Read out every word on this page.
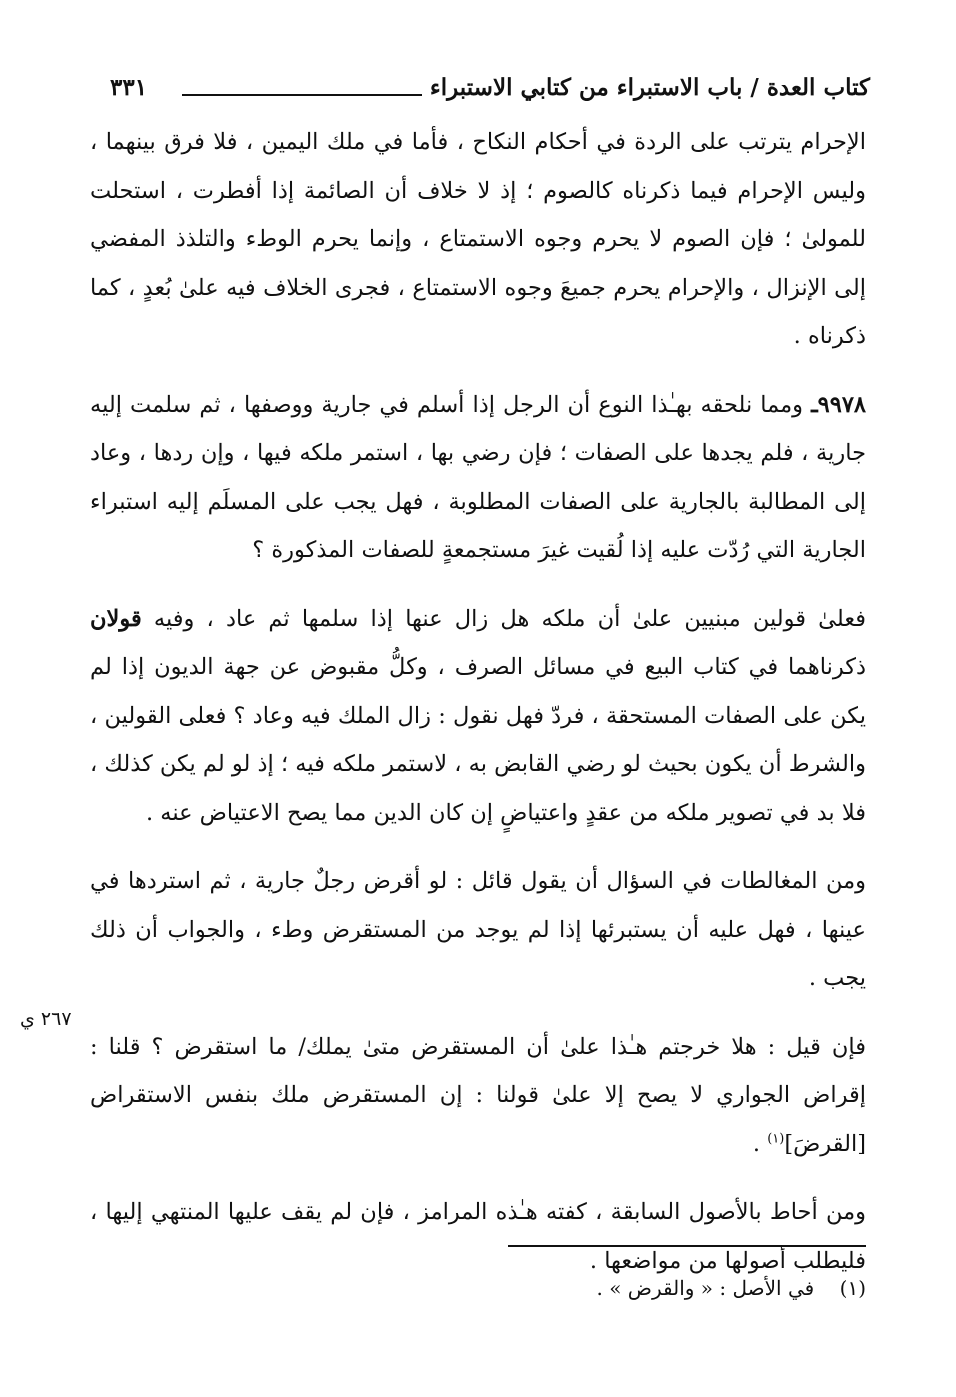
كتاب العدة / باب الاستبراء من كتابي الاستبراء
٣٣١

الإحرام يترتب على الردة في أحكام النكاح ، فأما في ملك اليمين ، فلا فرق بينهما ، وليس الإحرام فيما ذكرناه كالصوم ؛ إذ لا خلاف أن الصائمة إذا أفطرت ، استحلت للمولىٰ ؛ فإن الصوم لا يحرم وجوه الاستمتاع ، وإنما يحرم الوطء والتلذذ المفضي إلى الإنزال ، والإحرام يحرم جميعَ وجوه الاستمتاع ، فجرى الخلاف فيه علىٰ بُعدٍ ، كما ذكرناه .

٩٩٧٨ـ ومما نلحقه بهـٰذا النوع أن الرجل إذا أسلم في جارية ووصفها ، ثم سلمت إليه جارية ، فلم يجدها على الصفات ؛ فإن رضي بها ، استمر ملكه فيها ، وإن ردها ، وعاد إلى المطالبة بالجارية على الصفات المطلوبة ، فهل يجب على المسلَم إليه استبراء الجارية التي رُدّت عليه إذا لُقيت غيرَ مستجمعةٍ للصفات المذكورة ؟

فعلىٰ قولين مبنيين علىٰ أن ملكه هل زال عنها إذا سلمها ثم عاد ، وفيه قولان ذكرناهما في كتاب البيع في مسائل الصرف ، وكلُّ مقبوض عن جهة الديون إذا لم يكن على الصفات المستحقة ، فردّ فهل نقول : زال الملك فيه وعاد ؟ فعلى القولين ، والشرط أن يكون بحيث لو رضي القابض به ، لاستمر ملكه فيه ؛ إذ لو لم يكن كذلك ، فلا بد في تصوير ملكه من عقدٍ واعتياضٍ إن كان الدين مما يصح الاعتياض عنه .

ومن المغالطات في السؤال أن يقول قائل : لو أقرض رجلٌ جارية ، ثم استردها في عينها ، فهل عليه أن يستبرئها إذا لم يوجد من المستقرض وطء ، والجواب أن ذلك يجب .

فإن قيل : هلا خرجتم هـٰذا علىٰ أن المستقرض متىٰ يملك/ ما استقرض ؟ قلنا : إقراض الجواري لا يصح إلا علىٰ قولنا : إن المستقرض ملك بنفس الاستقراض [القرضَ]$^{(١)}$ .

ومن أحاط بالأصول السابقة ، كفته هـٰذه المرامز ، فإن لم يقف عليها المنتهي إليها ، فليطلب أصولها من مواضعها .

٢٦٧ ي
(١)    في الأصل : « والقرض » .
